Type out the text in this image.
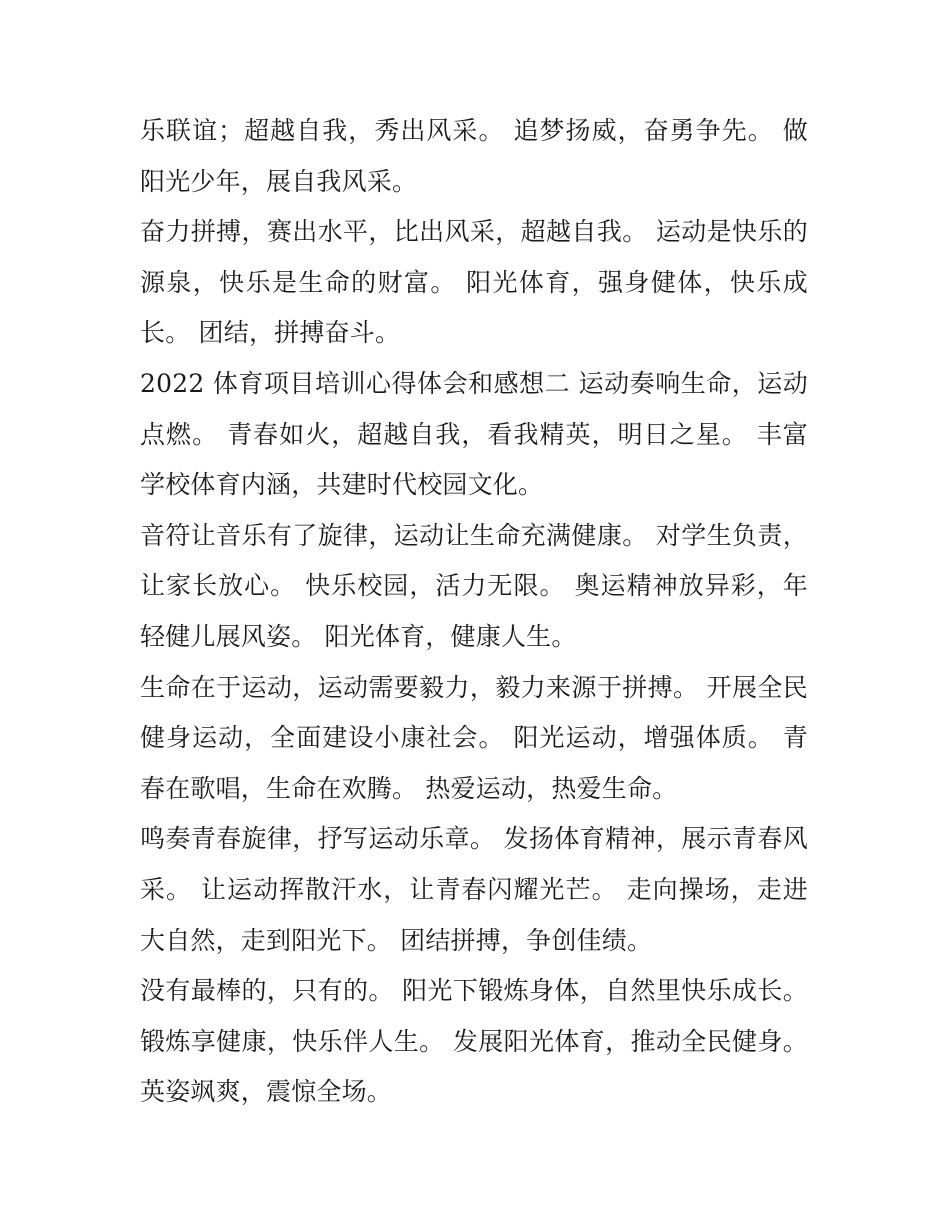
乐联谊；超越自我，秀出风采。 追梦扬威，奋勇争先。 做阳光少年，展自我风采。

奋力拼搏，赛出水平，比出风采，超越自我。 运动是快乐的源泉，快乐是生命的财富。 阳光体育，强身健体，快乐成长。 团结，拼搏奋斗。

2022 体育项目培训心得体会和感想二 运动奏响生命，运动点燃。 青春如火，超越自我，看我精英，明日之星。 丰富学校体育内涵，共建时代校园文化。

音符让音乐有了旋律，运动让生命充满健康。 对学生负责，让家长放心。 快乐校园，活力无限。 奥运精神放异彩，年轻健儿展风姿。 阳光体育，健康人生。

生命在于运动，运动需要毅力，毅力来源于拼搏。 开展全民健身运动，全面建设小康社会。 阳光运动，增强体质。 青春在歌唱，生命在欢腾。 热爱运动，热爱生命。

鸣奏青春旋律，抒写运动乐章。 发扬体育精神，展示青春风采。 让运动挥散汗水，让青春闪耀光芒。 走向操场，走进大自然，走到阳光下。 团结拼搏，争创佳绩。

没有最棒的，只有的。 阳光下锻炼身体，自然里快乐成长。 锻炼享健康，快乐伴人生。 发展阳光体育，推动全民健身。 英姿飒爽，震惊全场。
